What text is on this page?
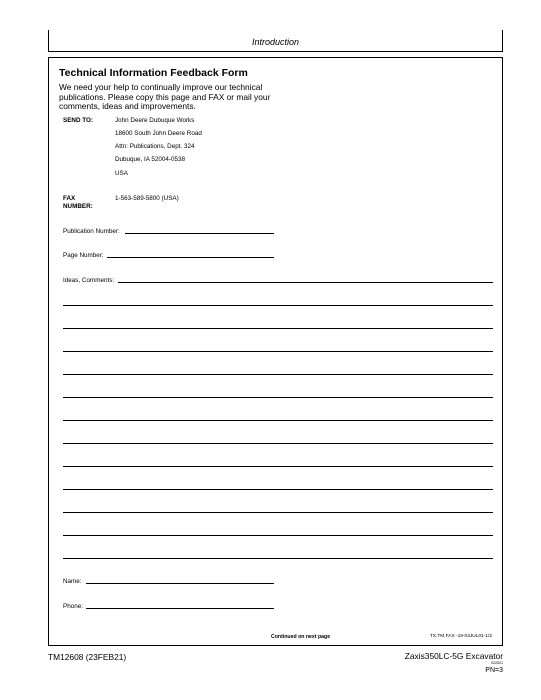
Introduction
Technical Information Feedback Form
We need your help to continually improve our technical publications. Please copy this page and FAX or mail your comments, ideas and improvements.
SEND TO:	John Deere Dubuque Works
18600 South John Deere Road
Attn: Publications, Dept. 324
Dubuque, IA 52004-0538
USA
FAX
NUMBER:
1-563-589-5800 (USA)
Publication Number:
Page Number:
Ideas, Comments:
Name:
Phone:
Continued on next page	TX,TM,FAX -19-03JUL01-1/2
TM12608 (23FEB21)	Zaxis350LC-5G Excavator
022521
PN=3
